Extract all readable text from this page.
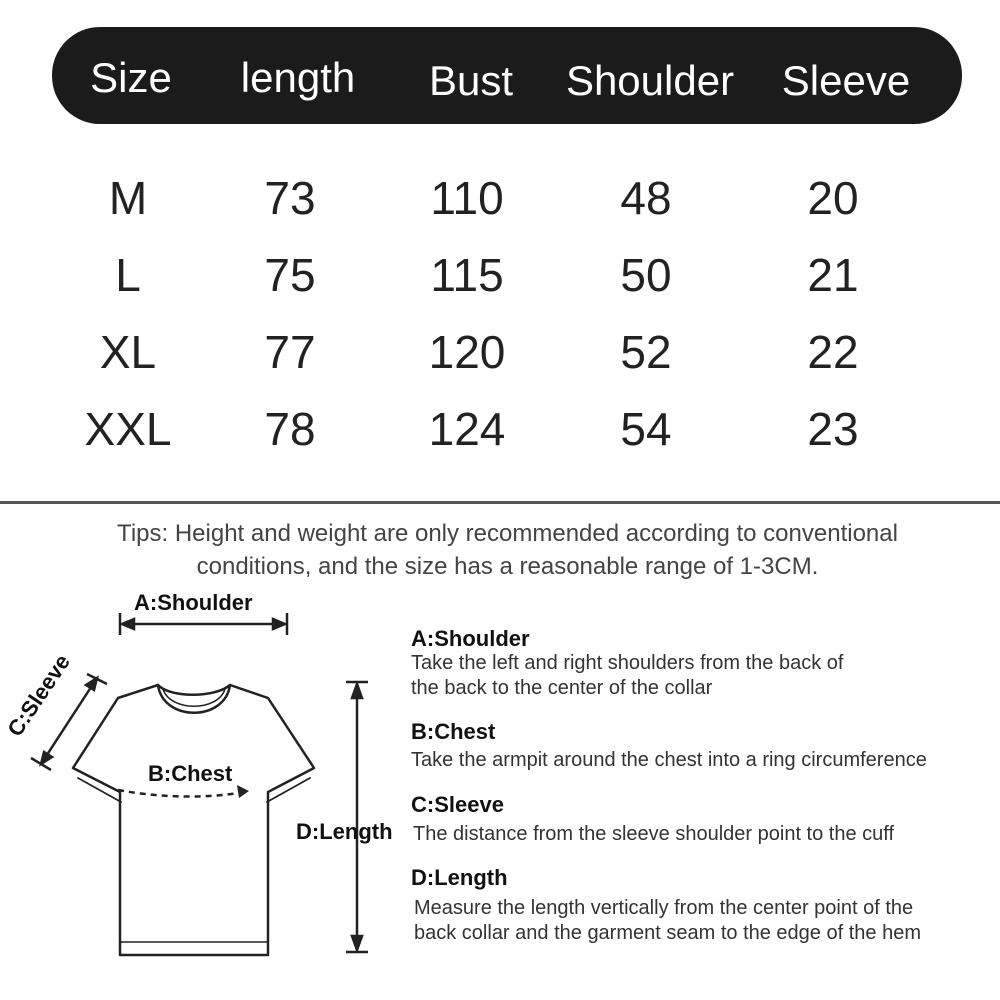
Size length Bust Shoulder Sleeve
M	73 110	48	20
L	75 115	50	21
XL 77 120	52	22
XXL 78 124	54	23
Tips: Height and weight are only recommended according to conventional
conditions, and the size has a reasonable range of 1-3CM.
A:Shoulder
C:Sleeve
B:Chest
D:Length
A:Shoulder
Take the left and right shoulders from the back of
the back to the center of the collar
B:Chest
Take the armpit around the chest into a ring circumference
C:Sleeve
The distance from the sleeve shoulder point to the cuff
D:Length
Measure the length vertically from the center point of the
back collar and the garment seam to the edge of the hem
